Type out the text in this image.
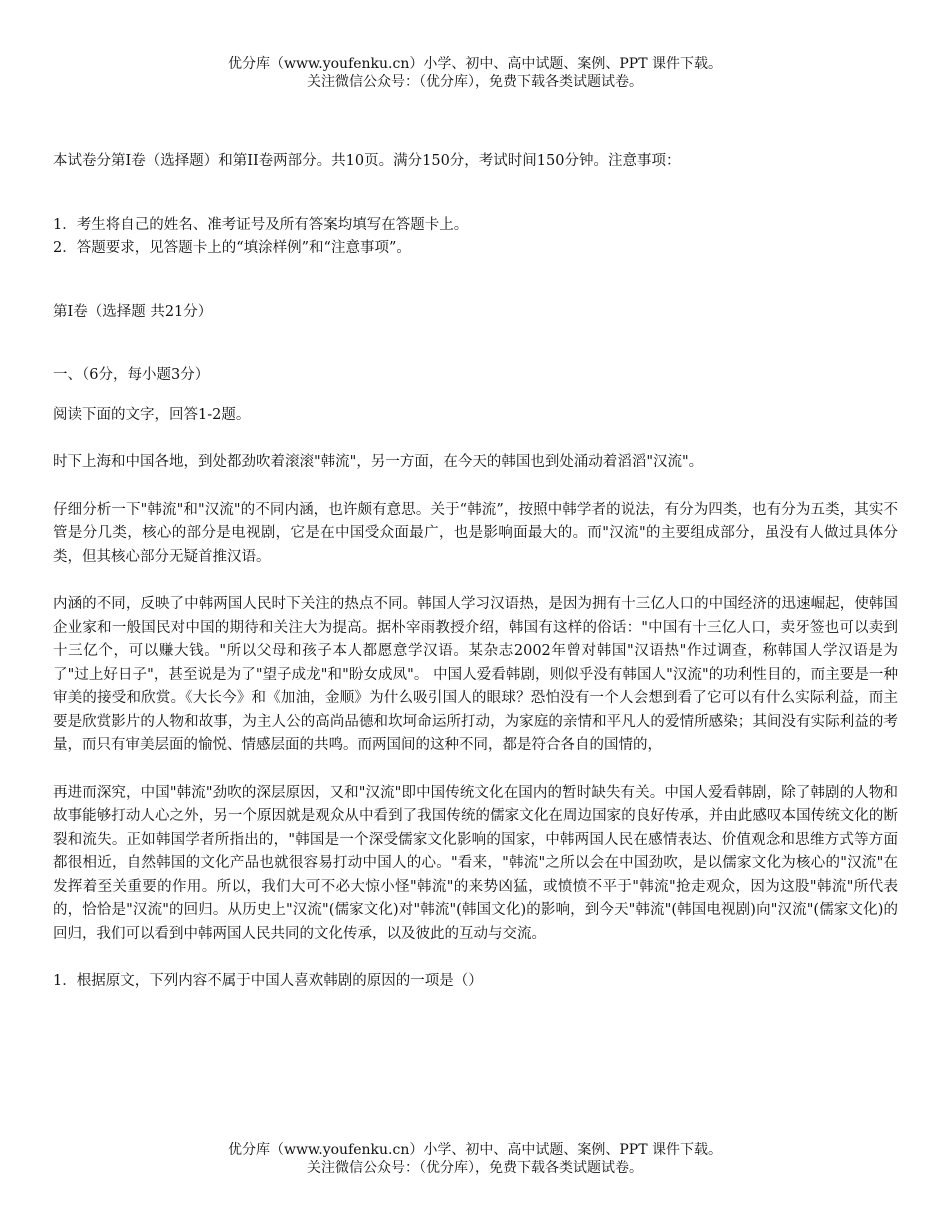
优分库（www.youfenku.cn）小学、初中、高中试题、案例、PPT 课件下载。
关注微信公众号：（优分库），免费下载各类试题试卷。

本试卷分第I卷（选择题）和第II卷两部分。共10页。满分150分，考试时间150分钟。注意事项：

1．考生将自己的姓名、准考证号及所有答案均填写在答题卡上。

2．答题要求，见答题卡上的“填涂样例”和“注意事项”。

第I卷（选择题 共21分）

一、（6分，每小题3分）

阅读下面的文字，回答1-2题。

时下上海和中国各地，到处都劲吹着滚滚"韩流"，另一方面，在今天的韩国也到处涌动着滔滔"汉流"。

仔细分析一下"韩流"和"汉流"的不同内涵，也许颇有意思。关于“韩流”，按照中韩学者的说法，有分为四类，也有分为五类，其实不管是分几类，核心的部分是电视剧，它是在中国受众面最广，也是影响面最大的。而"汉流"的主要组成部分，虽没有人做过具体分类，但其核心部分无疑首推汉语。

内涵的不同，反映了中韩两国人民时下关注的热点不同。韩国人学习汉语热，是因为拥有十三亿人口的中国经济的迅速崛起，使韩国企业家和一般国民对中国的期待和关注大为提高。据朴宰雨教授介绍，韩国有这样的俗话："中国有十三亿人口，卖牙签也可以卖到十三亿个，可以赚大钱。"所以父母和孩子本人都愿意学汉语。某杂志2002年曾对韩国"汉语热"作过调查，称韩国人学汉语是为了"过上好日子"，甚至说是为了"望子成龙"和"盼女成凤"。 中国人爱看韩剧，则似乎没有韩国人"汉流"的功利性目的，而主要是一种审美的接受和欣赏。《大长今》和《加油，金顺》为什么吸引国人的眼球？恐怕没有一个人会想到看了它可以有什么实际利益，而主要是欣赏影片的人物和故事，为主人公的高尚品德和坎坷命运所打动，为家庭的亲情和平凡人的爱情所感染；其间没有实际利益的考量，而只有审美层面的愉悦、情感层面的共鸣。而两国间的这种不同，都是符合各自的国情的，

再进而深究，中国"韩流"劲吹的深层原因，又和"汉流"即中国传统文化在国内的暂时缺失有关。中国人爱看韩剧，除了韩剧的人物和故事能够打动人心之外，另一个原因就是观众从中看到了我国传统的儒家文化在周边国家的良好传承，并由此感叹本国传统文化的断裂和流失。正如韩国学者所指出的，"韩国是一个深受儒家文化影响的国家，中韩两国人民在感情表达、价值观念和思维方式等方面都很相近，自然韩国的文化产品也就很容易打动中国人的心。"看来，"韩流"之所以会在中国劲吹，是以儒家文化为核心的"汉流"在发挥着至关重要的作用。所以，我们大可不必大惊小怪"韩流"的来势凶猛，或愤愤不平于"韩流"抢走观众，因为这股"韩流"所代表的，恰恰是"汉流"的回归。从历史上"汉流"(儒家文化)对"韩流"(韩国文化)的影响，到今天"韩流"(韩国电视剧)向"汉流"(儒家文化)的回归，我们可以看到中韩两国人民共同的文化传承，以及彼此的互动与交流。

1．根据原文，下列内容不属于中国人喜欢韩剧的原因的一项是（）

优分库（www.youfenku.cn）小学、初中、高中试题、案例、PPT 课件下载。
关注微信公众号：（优分库），免费下载各类试题试卷。
